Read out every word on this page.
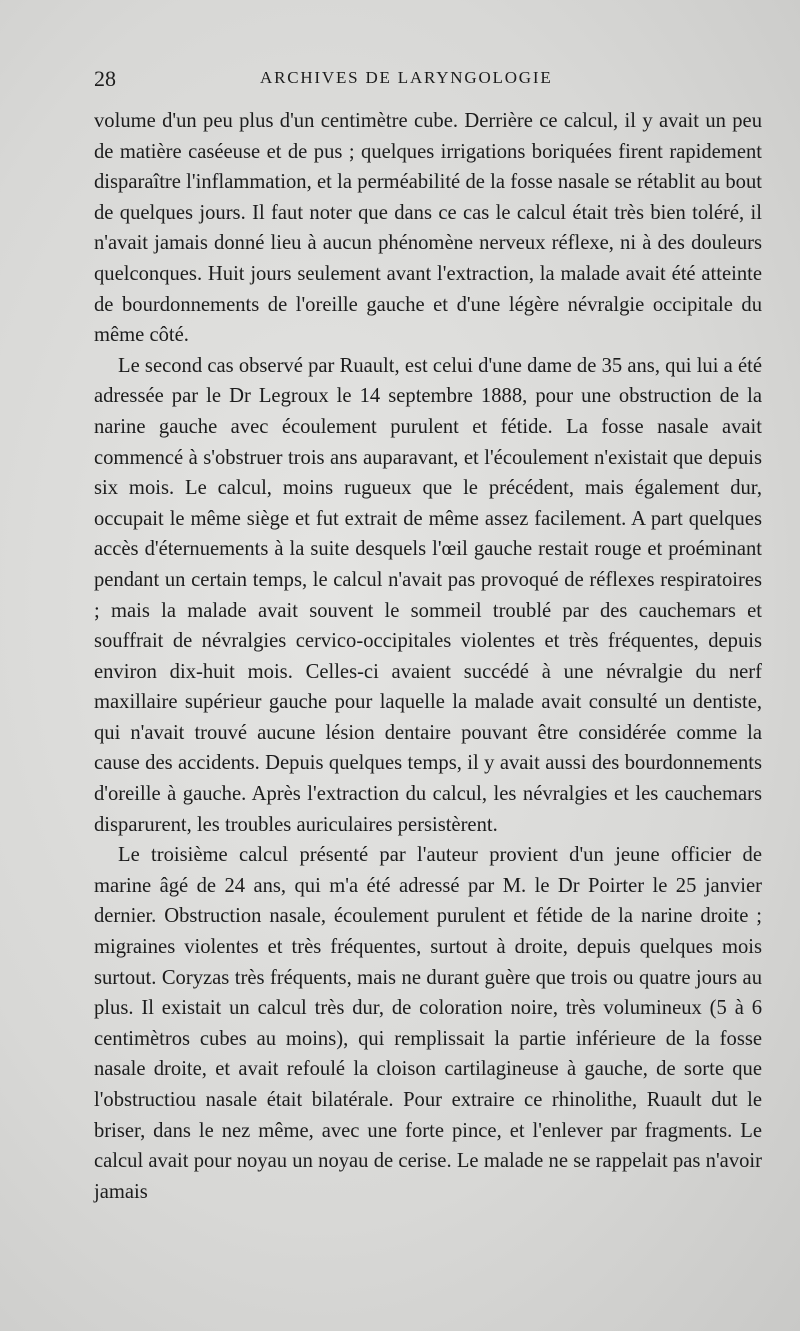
28	ARCHIVES DE LARYNGOLOGIE

volume d'un peu plus d'un centimètre cube. Derrière ce calcul, il y avait un peu de matière caséeuse et de pus ; quelques irrigations boriquées firent rapidement disparaître l'inflammation, et la perméabilité de la fosse nasale se rétablit au bout de quelques jours. Il faut noter que dans ce cas le calcul était très bien toléré, il n'avait jamais donné lieu à aucun phénomène nerveux réflexe, ni à des douleurs quelconques. Huit jours seulement avant l'extraction, la malade avait été atteinte de bourdonnements de l'oreille gauche et d'une légère névralgie occipitale du même côté.

Le second cas observé par Ruault, est celui d'une dame de 35 ans, qui lui a été adressée par le Dr Legroux le 14 septembre 1888, pour une obstruction de la narine gauche avec écoulement purulent et fétide. La fosse nasale avait commencé à s'obstruer trois ans auparavant, et l'écoulement n'existait que depuis six mois. Le calcul, moins rugueux que le précédent, mais également dur, occupait le même siège et fut extrait de même assez facilement. A part quelques accès d'éternuements à la suite desquels l'œil gauche restait rouge et proéminant pendant un certain temps, le calcul n'avait pas provoqué de réflexes respiratoires ; mais la malade avait souvent le sommeil troublé par des cauchemars et souffrait de névralgies cervico-occipitales violentes et très fréquentes, depuis environ dix-huit mois. Celles-ci avaient succédé à une névralgie du nerf maxillaire supérieur gauche pour laquelle la malade avait consulté un dentiste, qui n'avait trouvé aucune lésion dentaire pouvant être considérée comme la cause des accidents. Depuis quelques temps, il y avait aussi des bourdonnements d'oreille à gauche. Après l'extraction du calcul, les névralgies et les cauchemars disparurent, les troubles auriculaires persistèrent.

Le troisième calcul présenté par l'auteur provient d'un jeune officier de marine âgé de 24 ans, qui m'a été adressé par M. le Dr Poirter le 25 janvier dernier. Obstruction nasale, écoulement purulent et fétide de la narine droite ; migraines violentes et très fréquentes, surtout à droite, depuis quelques mois surtout. Coryzas très fréquents, mais ne durant guère que trois ou quatre jours au plus. Il existait un calcul très dur, de coloration noire, très volumineux (5 à 6 centimètros cubes au moins), qui remplissait la partie inférieure de la fosse nasale droite, et avait refoulé la cloison cartilagineuse à gauche, de sorte que l'obstructiou nasale était bilatérale. Pour extraire ce rhinolithe, Ruault dut le briser, dans le nez même, avec une forte pince, et l'enlever par fragments. Le calcul avait pour noyau un noyau de cerise. Le malade ne se rappelait pas n'avoir jamais
